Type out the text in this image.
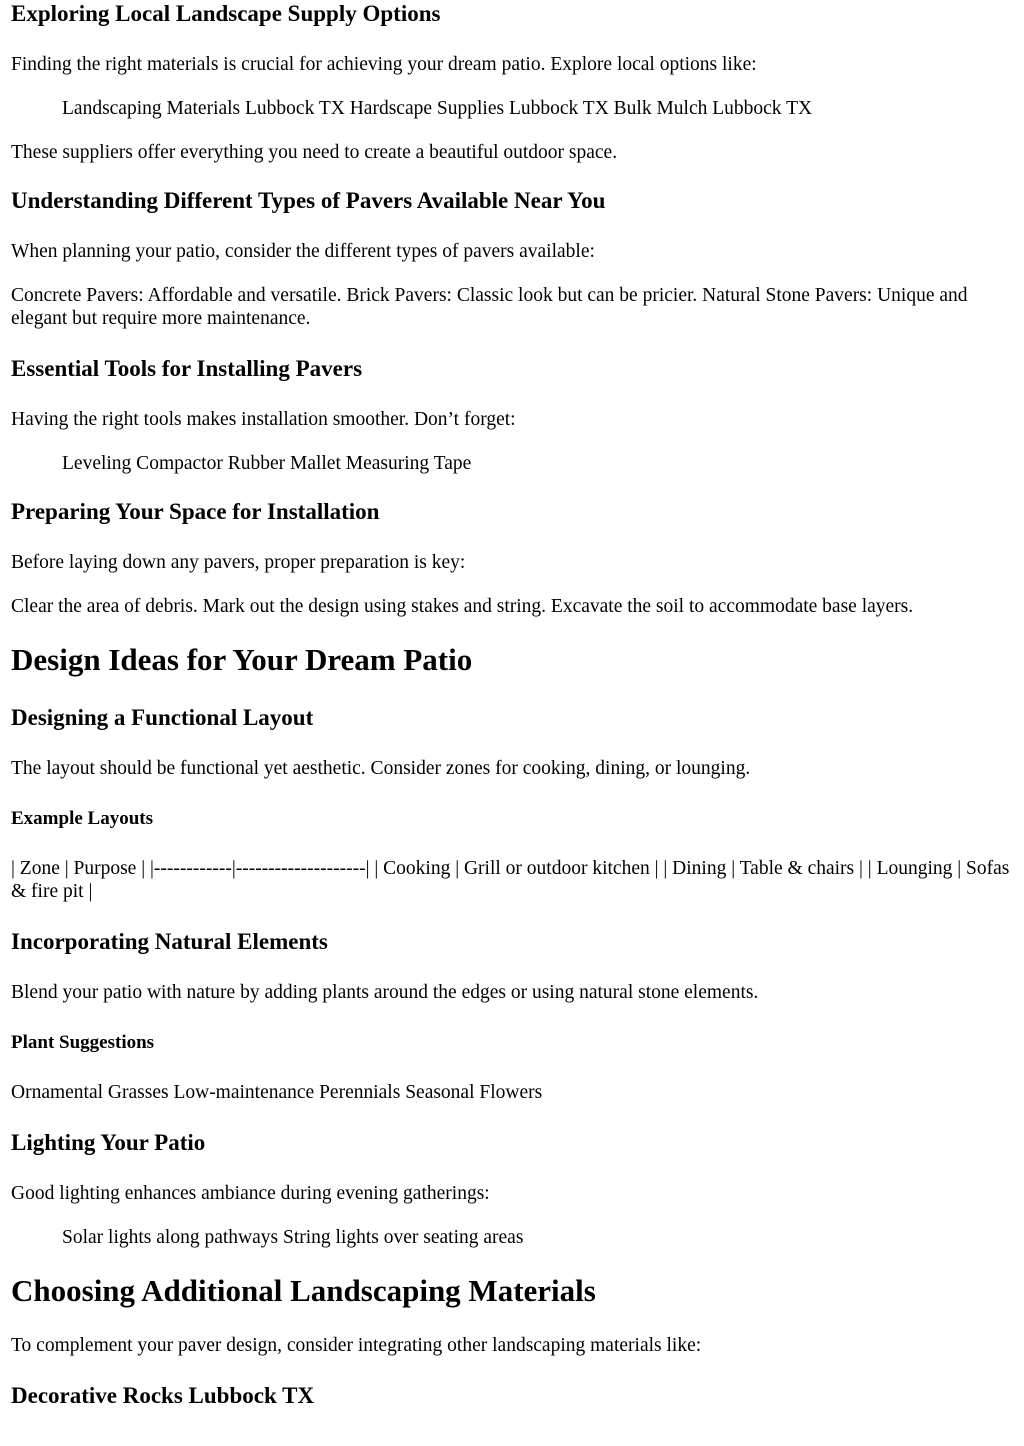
Exploring Local Landscape Supply Options

Finding the right materials is crucial for achieving your dream patio. Explore local options like:

Landscaping Materials Lubbock TX Hardscape Supplies Lubbock TX Bulk Mulch Lubbock TX

These suppliers offer everything you need to create a beautiful outdoor space.

Understanding Different Types of Pavers Available Near You

When planning your patio, consider the different types of pavers available:

Concrete Pavers: Affordable and versatile. Brick Pavers: Classic look but can be pricier. Natural Stone Pavers: Unique and elegant but require more maintenance.

Essential Tools for Installing Pavers

Having the right tools makes installation smoother. Don’t forget:

Leveling Compactor Rubber Mallet Measuring Tape

Preparing Your Space for Installation

Before laying down any pavers, proper preparation is key:

Clear the area of debris. Mark out the design using stakes and string. Excavate the soil to accommodate base layers.

Design Ideas for Your Dream Patio
Designing a Functional Layout

The layout should be functional yet aesthetic. Consider zones for cooking, dining, or lounging.

Example Layouts

| Zone | Purpose | |------------|--------------------| | Cooking | Grill or outdoor kitchen | | Dining | Table & chairs | | Lounging | Sofas & fire pit |

Incorporating Natural Elements

Blend your patio with nature by adding plants around the edges or using natural stone elements.

Plant Suggestions

Ornamental Grasses Low-maintenance Perennials Seasonal Flowers

Lighting Your Patio

Good lighting enhances ambiance during evening gatherings:

Solar lights along pathways String lights over seating areas

Choosing Additional Landscaping Materials

To complement your paver design, consider integrating other landscaping materials like:

Decorative Rocks Lubbock TX
